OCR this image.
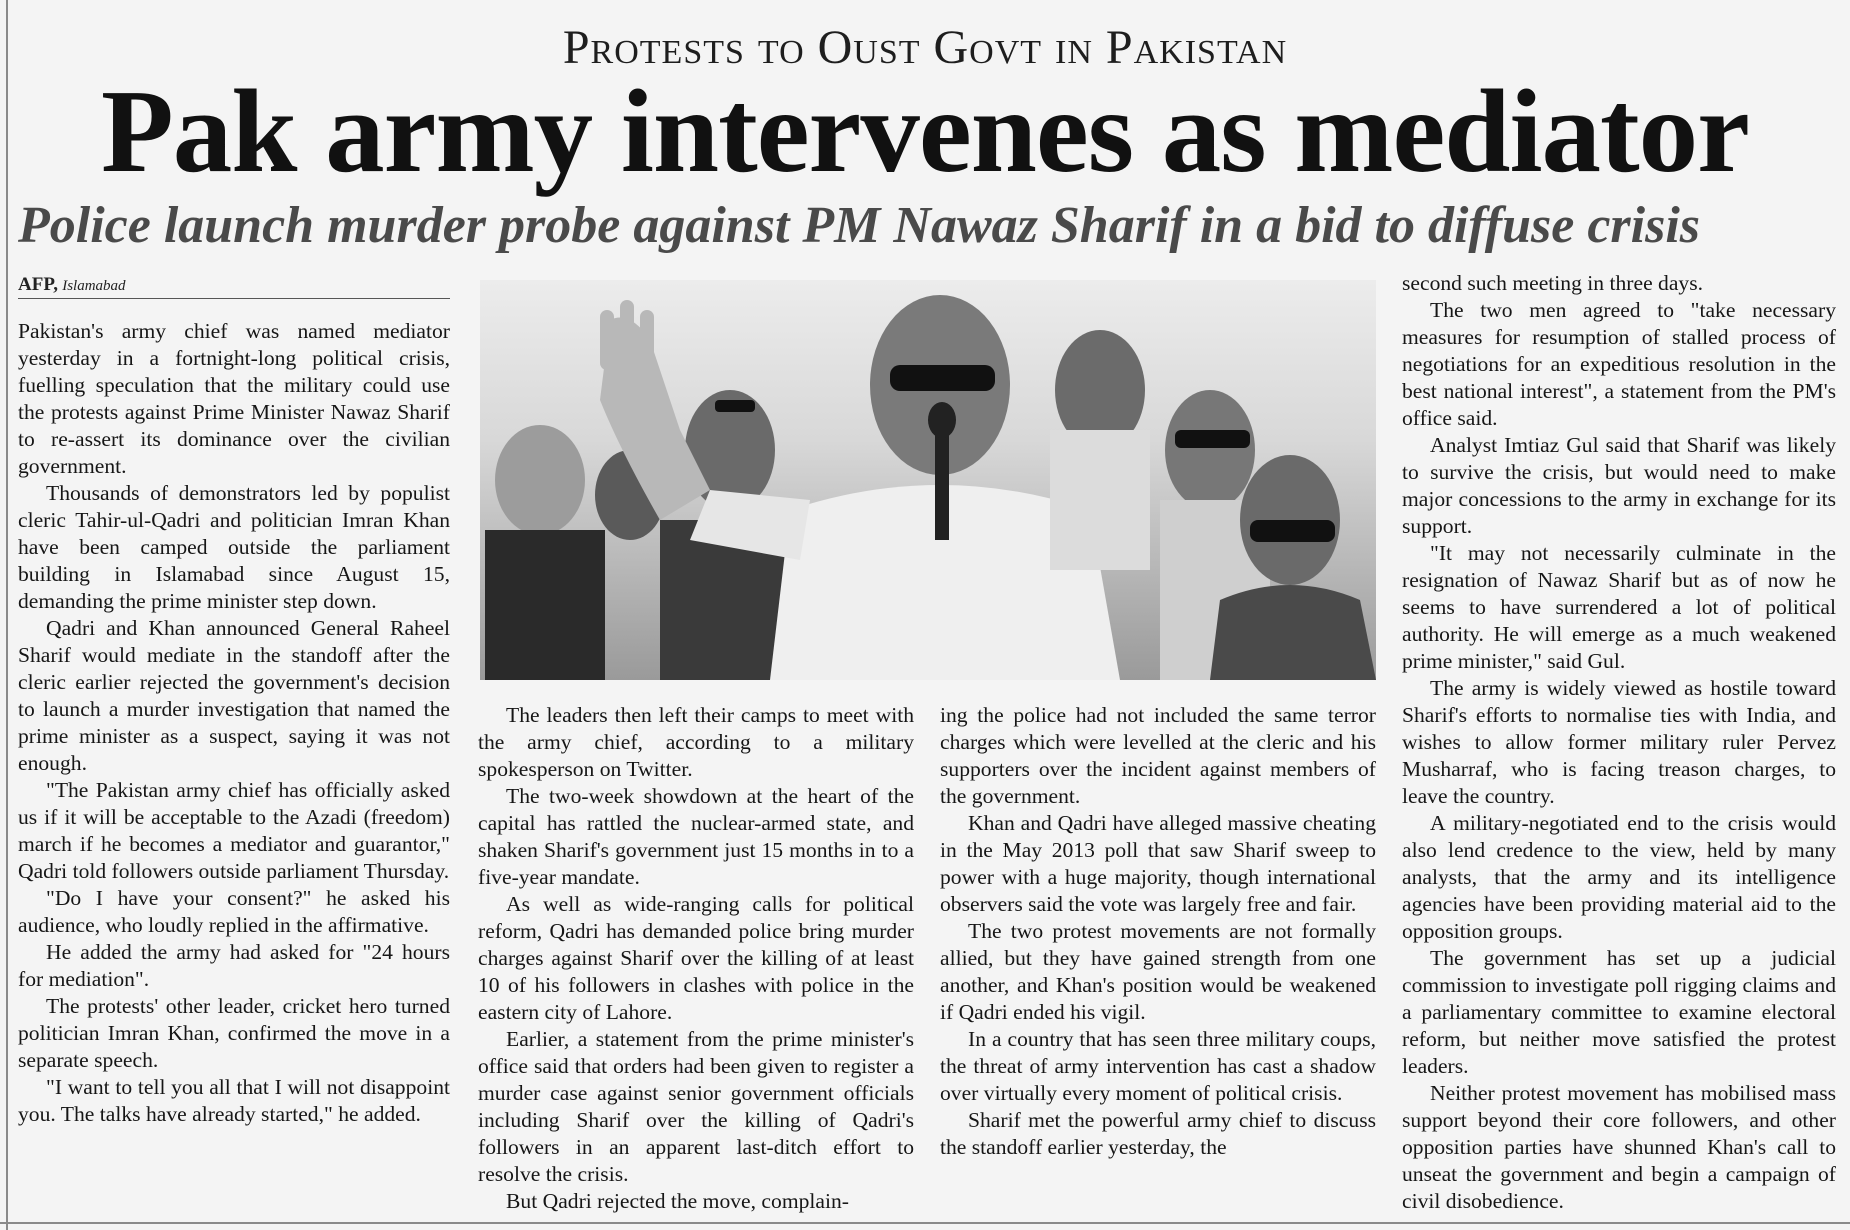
Protests to Oust Govt in Pakistan
Pak army intervenes as mediator
Police launch murder probe against PM Nawaz Sharif in a bid to diffuse crisis
AFP, Islamabad

Pakistan's army chief was named mediator yesterday in a fortnight-long political crisis, fuelling speculation that the military could use the protests against Prime Minister Nawaz Sharif to re-assert its dominance over the civilian government.

Thousands of demonstrators led by populist cleric Tahir-ul-Qadri and politician Imran Khan have been camped outside the parliament building in Islamabad since August 15, demanding the prime minister step down.

Qadri and Khan announced General Raheel Sharif would mediate in the standoff after the cleric earlier rejected the government's decision to launch a murder investigation that named the prime minister as a suspect, saying it was not enough.

"The Pakistan army chief has officially asked us if it will be acceptable to the Azadi (freedom) march if he becomes a mediator and guarantor," Qadri told followers outside parliament Thursday.

"Do I have your consent?" he asked his audience, who loudly replied in the affirmative.

He added the army had asked for "24 hours for mediation".

The protests' other leader, cricket hero turned politician Imran Khan, confirmed the move in a separate speech.

"I want to tell you all that I will not disappoint you. The talks have already started," he added.

The leaders then left their camps to meet with the army chief, according to a military spokesperson on Twitter.

The two-week showdown at the heart of the capital has rattled the nuclear-armed state, and shaken Sharif's government just 15 months in to a five-year mandate.

As well as wide-ranging calls for political reform, Qadri has demanded police bring murder charges against Sharif over the killing of at least 10 of his followers in clashes with police in the eastern city of Lahore.

Earlier, a statement from the prime minister's office said that orders had been given to register a murder case against senior government officials including Sharif over the killing of Qadri's followers in an apparent last-ditch effort to resolve the crisis.

But Qadri rejected the move, complain-

ing the police had not included the same terror charges which were levelled at the cleric and his supporters over the incident against members of the government.

Khan and Qadri have alleged massive cheating in the May 2013 poll that saw Sharif sweep to power with a huge majority, though international observers said the vote was largely free and fair.

The two protest movements are not formally allied, but they have gained strength from one another, and Khan's position would be weakened if Qadri ended his vigil.

In a country that has seen three military coups, the threat of army intervention has cast a shadow over virtually every moment of political crisis.

Sharif met the powerful army chief to discuss the standoff earlier yesterday, the

second such meeting in three days.

The two men agreed to "take necessary measures for resumption of stalled process of negotiations for an expeditious resolution in the best national interest", a statement from the PM's office said.

Analyst Imtiaz Gul said that Sharif was likely to survive the crisis, but would need to make major concessions to the army in exchange for its support.

"It may not necessarily culminate in the resignation of Nawaz Sharif but as of now he seems to have surrendered a lot of political authority. He will emerge as a much weakened prime minister," said Gul.

The army is widely viewed as hostile toward Sharif's efforts to normalise ties with India, and wishes to allow former military ruler Pervez Musharraf, who is facing treason charges, to leave the country.

A military-negotiated end to the crisis would also lend credence to the view, held by many analysts, that the army and its intelligence agencies have been providing material aid to the opposition groups.

The government has set up a judicial commission to investigate poll rigging claims and a parliamentary committee to examine electoral reform, but neither move satisfied the protest leaders.

Neither protest movement has mobilised mass support beyond their core followers, and other opposition parties have shunned Khan's call to unseat the government and begin a campaign of civil disobedience.
